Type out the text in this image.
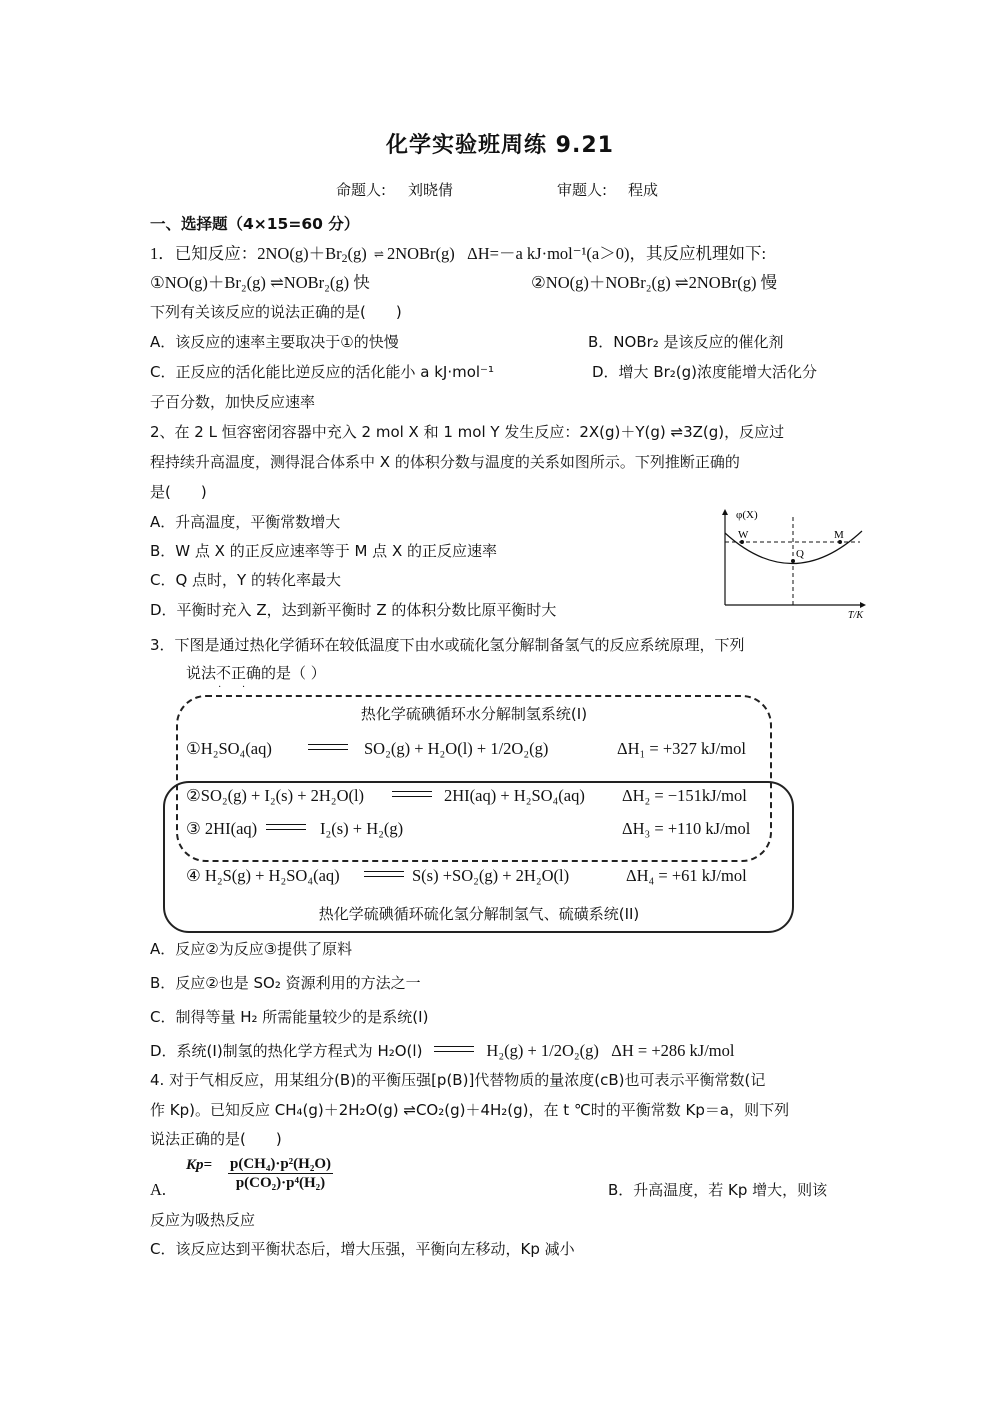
化学实验班周练 9.21
命题人: 刘晓倩	审题人: 程成
一、选择题（4×15=60 分）
1．已知反应：$2NO(g)+Br_2(g)$ ⇌ 2NOBr(g) ΔH=－a kJ·mol⁻¹(a＞0)，其反应机理如下:
①NO(g)＋Br₂(g) ⇌NOBr₂(g) 快	②NO(g)＋NOBr₂(g) ⇌2NOBr(g) 慢
下列有关该反应的说法正确的是(　　)
A．该反应的速率主要取决于①的快慢	B．NOBr₂ 是该反应的催化剂
C．正反应的活化能比逆反应的活化能小 a kJ·mol⁻¹	D．增大 Br₂(g)浓度能增大活化分
子百分数，加快反应速率
2、在 2 L 恒容密闭容器中充入 2 mol X 和 1 mol Y 发生反应：2X(g)＋Y(g) ⇌3Z(g)，反应过
程持续升高温度，测得混合体系中 X 的体积分数与温度的关系如图所示。下列推断正确的
是(　　)
A．升高温度，平衡常数增大
B．W 点 X 的正反应速率等于 M 点 X 的正反应速率
C．Q 点时，Y 的转化率最大
D．平衡时充入 Z，达到新平衡时 Z 的体积分数比原平衡时大
φ(X)
W
Q
M
T/K
3．下图是通过热化学循环在较低温度下由水或硫化氢分解制备氢气的反应系统原理，下列
说法不正确的是（ ）
· ·
热化学硫碘循环水分解制氢系统(I)
①H₂SO₄(aq)	SO₂(g) + H₂O(l) + 1/2O₂(g)	ΔH₁ = +327 kJ/mol
②SO₂(g) + I₂(s) + 2H₂O(l)	2HI(aq) + H₂SO₄(aq) ΔH₂ = −151kJ/mol
③ 2HI(aq)	I₂(s) + H₂(g)	ΔH₃ = +110 kJ/mol
④ H₂S(g) + H₂SO₄(aq)	S(s) +SO₂(g) + 2H₂O(l)	ΔH₄ = +61 kJ/mol
热化学硫碘循环硫化氢分解制氢气、硫磺系统(II)
A．反应②为反应③提供了原料
B．反应②也是 SO₂ 资源利用的方法之一
C．制得等量 H₂ 所需能量较少的是系统(I)
D．系统(I)制氢的热化学方程式为 H₂O(l)	H₂(g) + 1/2O₂(g) ΔH = +286 kJ/mol
4. 对于气相反应，用某组分(B)的平衡压强[p(B)]代替物质的量浓度(cB)也可表示平衡常数(记
作 Kp)。已知反应 CH₄(g)＋2H₂O(g) ⇌CO₂(g)＋4H₂(g)，在 t ℃时的平衡常数 Kp＝a，则下列
说法正确的是(　　)
A.
$Kp= \frac{\text{p(CH₄)·p²(H₂O)}}{\text{p(CO₂)·p⁴(H₂)}}$	B．升高温度，若 Kp 增大，则该
反应为吸热反应
C．该反应达到平衡状态后，增大压强，平衡向左移动，Kp 减小
